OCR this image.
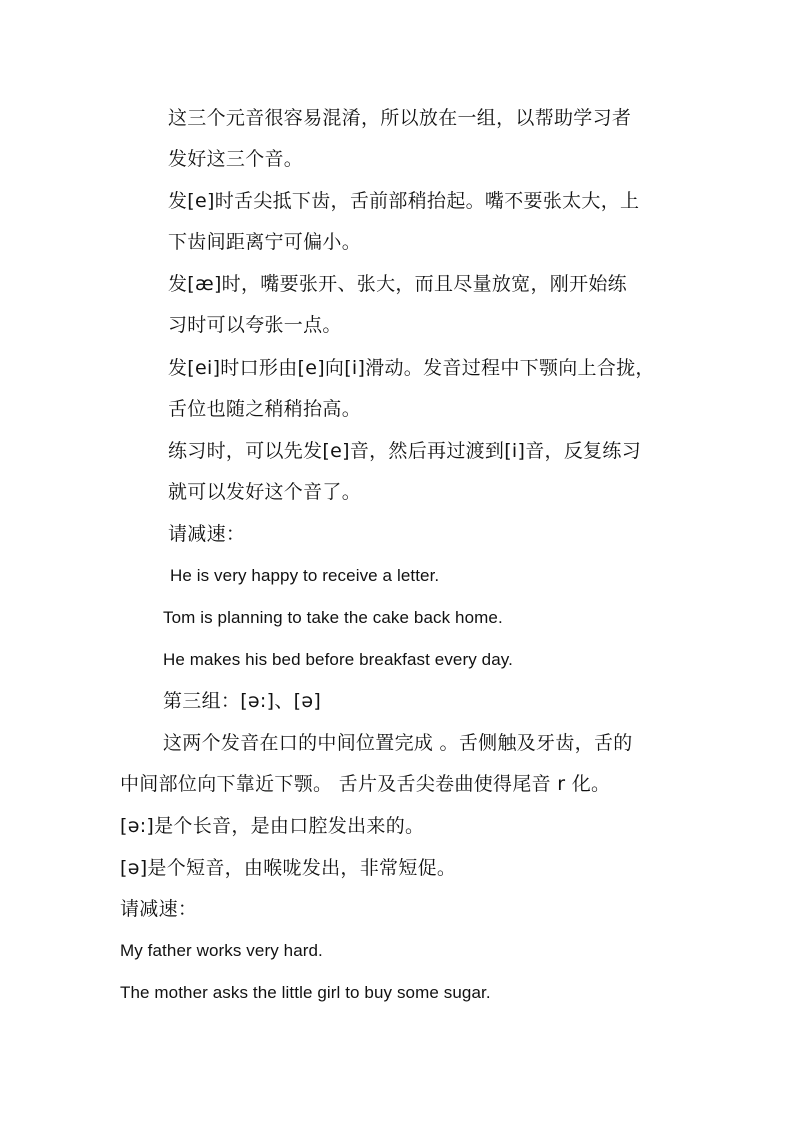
这三个元音很容易混淆，所以放在一组，以帮助学习者
发好这三个音。
发[e]时舌尖抵下齿，舌前部稍抬起。嘴不要张太大，上
下齿间距离宁可偏小。
发[æ]时，嘴要张开、张大，而且尽量放宽，刚开始练
习时可以夸张一点。
发[ei]时口形由[e]向[i]滑动。发音过程中下颚向上合拢，
舌位也随之稍稍抬高。
练习时，可以先发[e]音，然后再过渡到[i]音，反复练习
就可以发好这个音了。
请减速：
He is very happy to receive a letter.
Tom is planning to take the cake back home.
He makes his bed before breakfast every day.
第三组：[ə:]、[ə]
这两个发音在口的中间位置完成 。舌侧触及牙齿，舌的
中间部位向下靠近下颚。 舌片及舌尖卷曲使得尾音 r 化。
[ə:]是个长音，是由口腔发出来的。
[ə]是个短音，由喉咙发出，非常短促。
请减速：
My father works very hard.
The mother asks the little girl to buy some sugar.
